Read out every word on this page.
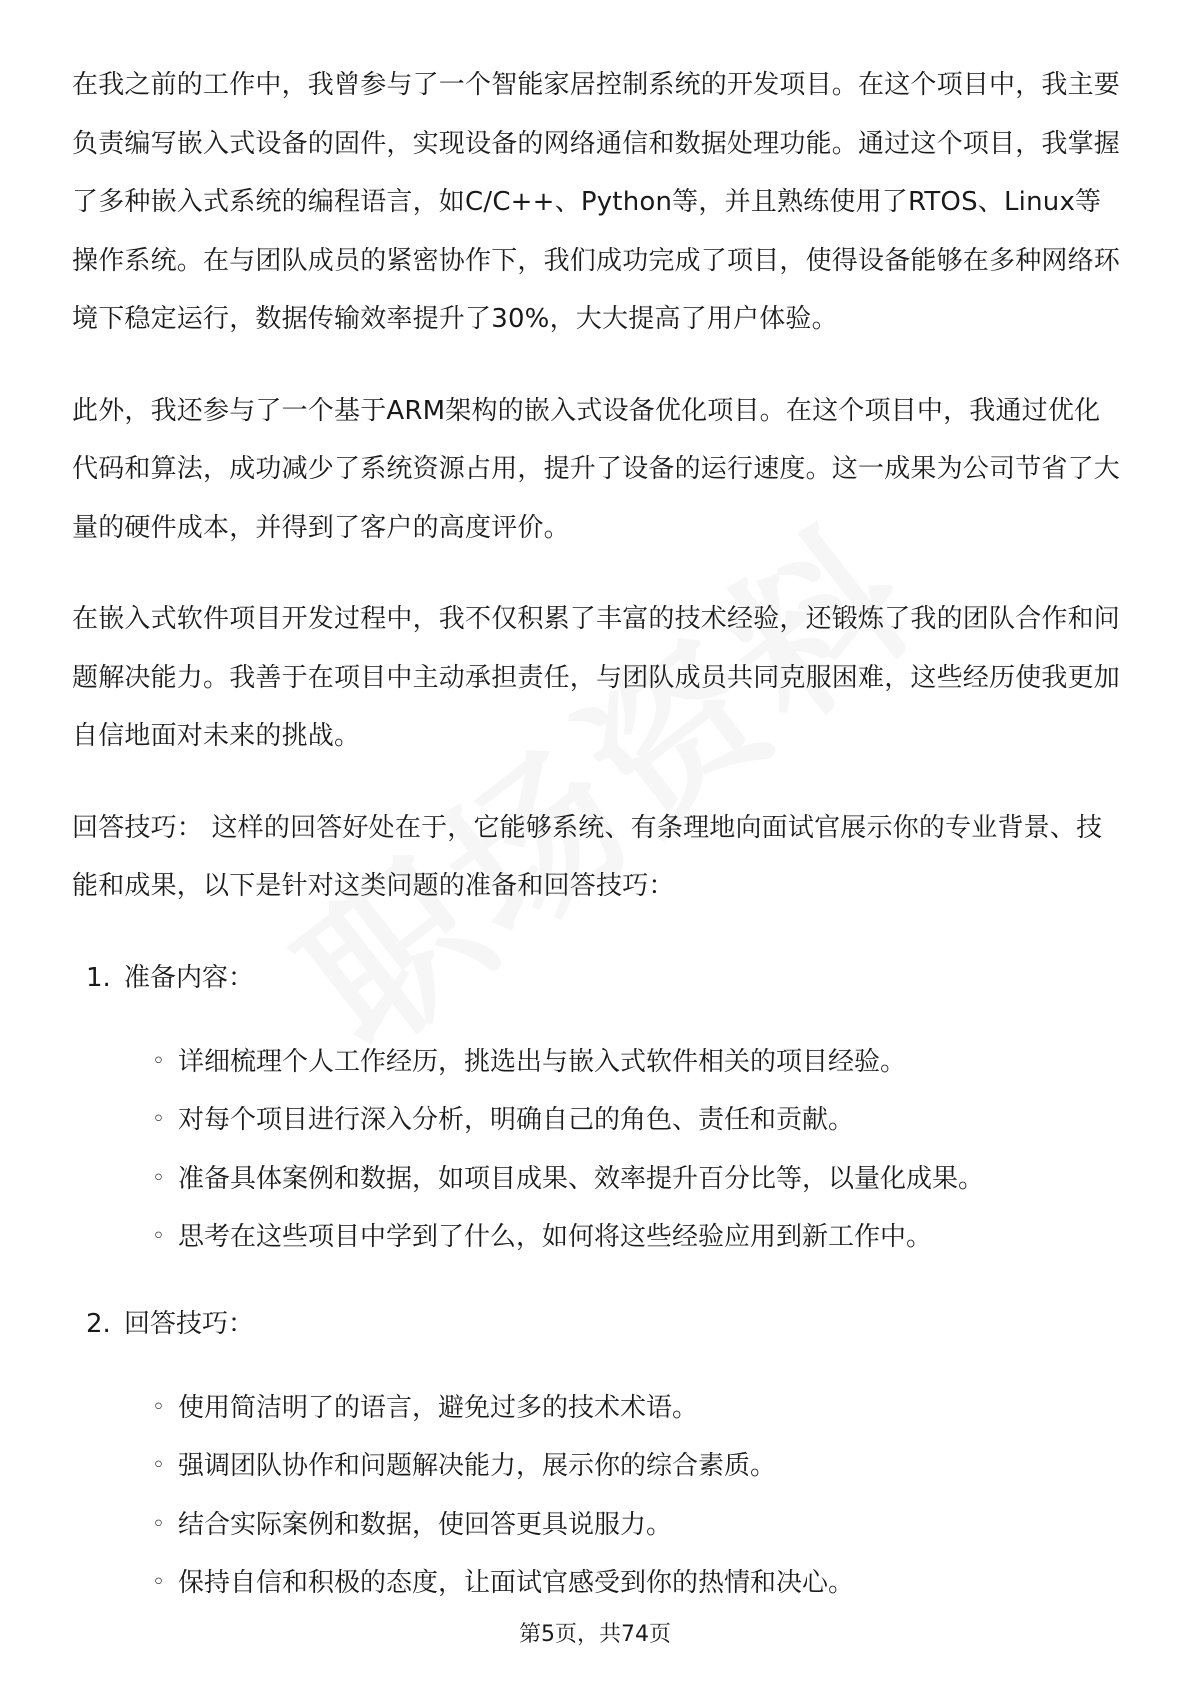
在我之前的工作中，我曾参与了一个智能家居控制系统的开发项目。在这个项目中，我主要负责编写嵌入式设备的固件，实现设备的网络通信和数据处理功能。通过这个项目，我掌握了多种嵌入式系统的编程语言，如C/C++、Python等，并且熟练使用了RTOS、Linux等操作系统。在与团队成员的紧密协作下，我们成功完成了项目，使得设备能够在多种网络环境下稳定运行，数据传输效率提升了30%，大大提高了用户体验。

此外，我还参与了一个基于ARM架构的嵌入式设备优化项目。在这个项目中，我通过优化代码和算法，成功减少了系统资源占用，提升了设备的运行速度。这一成果为公司节省了大量的硬件成本，并得到了客户的高度评价。

在嵌入式软件项目开发过程中，我不仅积累了丰富的技术经验，还锻炼了我的团队合作和问题解决能力。我善于在项目中主动承担责任，与团队成员共同克服困难，这些经历使我更加自信地面对未来的挑战。

回答技巧： 这样的回答好处在于，它能够系统、有条理地向面试官展示你的专业背景、技能和成果，以下是针对这类问题的准备和回答技巧：

1. 准备内容：
◦ 详细梳理个人工作经历，挑选出与嵌入式软件相关的项目经验。
◦ 对每个项目进行深入分析，明确自己的角色、责任和贡献。
◦ 准备具体案例和数据，如项目成果、效率提升百分比等，以量化成果。
◦ 思考在这些项目中学到了什么，如何将这些经验应用到新工作中。
2. 回答技巧：
◦ 使用简洁明了的语言，避免过多的技术术语。
◦ 强调团队协作和问题解决能力，展示你的综合素质。
◦ 结合实际案例和数据，使回答更具说服力。
◦ 保持自信和积极的态度，让面试官感受到你的热情和决心。
第5页，共74页
